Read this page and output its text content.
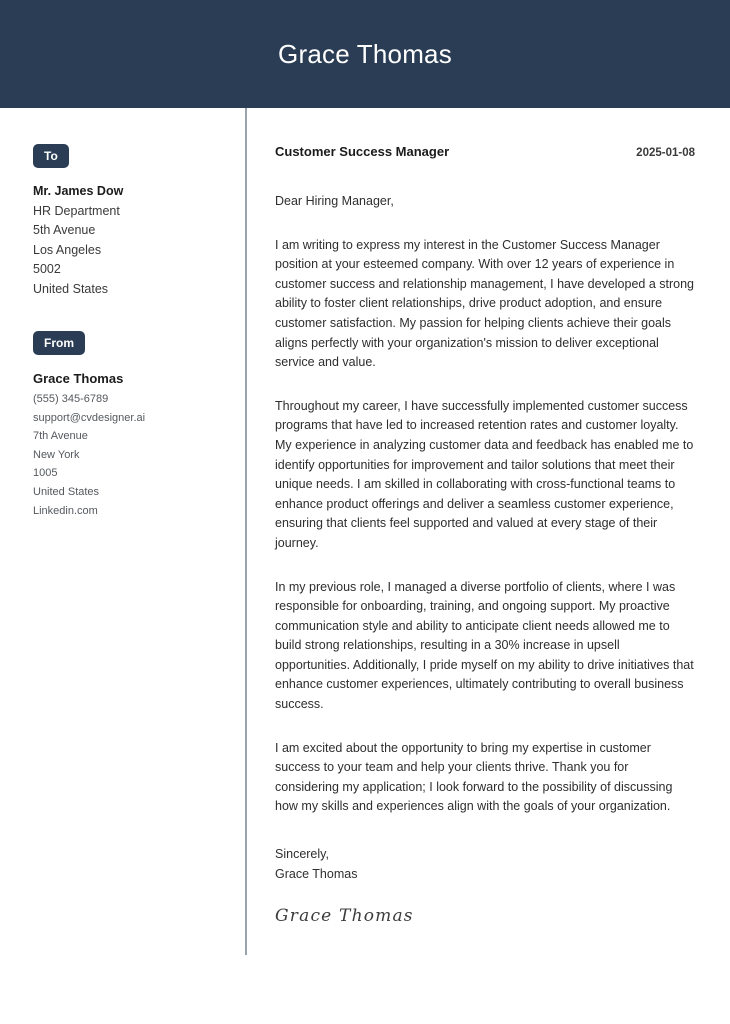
Grace Thomas
To
Mr. James Dow
HR Department
5th Avenue
Los Angeles
5002
United States
From
Grace Thomas
(555) 345-6789
support@cvdesigner.ai
7th Avenue
New York
1005
United States
Linkedin.com
Customer Success Manager	2025-01-08
Dear Hiring Manager,
I am writing to express my interest in the Customer Success Manager position at your esteemed company. With over 12 years of experience in customer success and relationship management, I have developed a strong ability to foster client relationships, drive product adoption, and ensure customer satisfaction. My passion for helping clients achieve their goals aligns perfectly with your organization's mission to deliver exceptional service and value.
Throughout my career, I have successfully implemented customer success programs that have led to increased retention rates and customer loyalty. My experience in analyzing customer data and feedback has enabled me to identify opportunities for improvement and tailor solutions that meet their unique needs. I am skilled in collaborating with cross-functional teams to enhance product offerings and deliver a seamless customer experience, ensuring that clients feel supported and valued at every stage of their journey.
In my previous role, I managed a diverse portfolio of clients, where I was responsible for onboarding, training, and ongoing support. My proactive communication style and ability to anticipate client needs allowed me to build strong relationships, resulting in a 30% increase in upsell opportunities. Additionally, I pride myself on my ability to drive initiatives that enhance customer experiences, ultimately contributing to overall business success.
I am excited about the opportunity to bring my expertise in customer success to your team and help your clients thrive. Thank you for considering my application; I look forward to the possibility of discussing how my skills and experiences align with the goals of your organization.
Sincerely,
Grace Thomas
Grace Thomas
